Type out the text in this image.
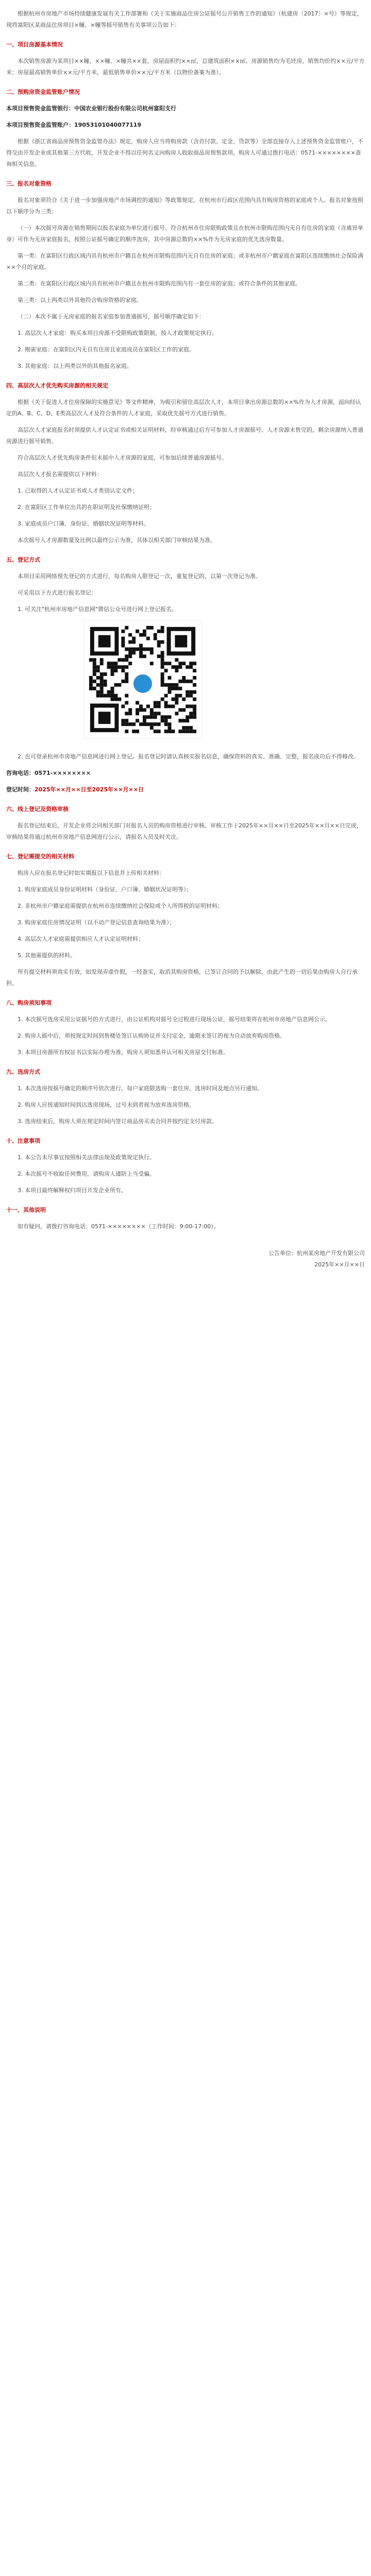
根据杭州市房地产市场持续健康发展有关工作部署和《关于实施商品住房公证摇号公开销售工作的通知》（杭建房〔2017〕×号）等规定，现将富阳区某商品住房项目×幢、×幢等摇号销售有关事项公告如下：

一、项目房源基本情况

本次销售房源为某项目××幢、××幢、×幢共××套，房屋面积约××㎡，总建筑面积××㎡。房源销售均为毛坯房，销售均价约××元/平方米；房屋最高销售单价××元/平方米，最低销售单价××元/平方米（以物价备案为准）。

二、预购房资金监管账户情况

本项目预售资金监管银行：中国农业银行股份有限公司杭州富阳支行

本项目预售资金监管账户：19053101040077119

根据《浙江省商品房预售资金监管办法》规定，购房人应当将购房款（含首付款、定金、贷款等）全部直接存入上述预售资金监管账户，不得交由开发企业或其他第三方代收，开发企业不得以任何名义向购房人收取商品房预售款项。购房人可通过拨打电话：0571-××××××××查询相关信息。

三、报名对象资格

报名对象须符合《关于进一步加强房地产市场调控的通知》等政策规定，在杭州市行政区范围内具有购房资格的家庭或个人。报名对象按照以下顺序分为三类：

（一）本次摇号房源在销售期间以报名家庭为单位进行摇号。符合杭州市住房限购政策且在杭州市限购范围内无自有住房的家庭（含离异单身）可作为无房家庭报名，按照公证摇号确定的顺序选房，其中房源总数的××%作为无房家庭的优先选房数量。

第一类：在富阳区行政区域内具有杭州市户籍且在杭州市限购范围内无自有住房的家庭；或非杭州市户籍家庭在富阳区连续缴纳社会保险满××个月的家庭。

第二类：在富阳区行政区域内具有杭州市户籍且在杭州市限购范围内有一套住房的家庭；或符合条件的其他家庭。

第三类：以上两类以外其他符合购房资格的家庭。

（二）本次不属于无房家庭的报名家庭参加普通摇号，摇号顺序确定如下：

1. 高层次人才家庭：购买本项目房源不受限购政策限制，按人才政策规定执行。

2. 刚需家庭：在富阳区内无自有住房且家庭成员在富阳区工作的家庭。

3. 其他家庭：以上两类以外的其他报名家庭。

四、高层次人才优先购买房源的相关规定

根据《关于促进人才住房保障的实施意见》等文件精神，为吸引和留住高层次人才，本项目拿出房源总数的××%作为人才房源，面向经认定的A、B、C、D、E类高层次人才及符合条件的人才家庭，采取优先摇号方式进行销售。

高层次人才家庭报名时须提供人才认定证书或相关证明材料，经审核通过后方可参加人才房源摇号。人才房源未售完的，剩余房源纳入普通房源进行摇号销售。

符合高层次人才优先购房条件但未摇中人才房源的家庭，可参加后续普通房源摇号。

高层次人才报名需提供以下材料：

1. 已取得的人才认定证书或人才类别认定文件；

2. 在富阳区工作单位出具的在职证明及社保缴纳证明；

3. 家庭成员户口簿、身份证、婚姻状况证明等材料。

本次摇号人才房源数量及比例以最终公示为准，具体以相关部门审核结果为准。

五、登记方式

本项目采用网络预先登记的方式进行，每名购房人限登记一次，重复登记的，以第一次登记为准。

可采用以下方式进行报名登记：

1. 可关注"杭州市房地产信息网"微信公众号进行网上登记报名。

2. 也可登录杭州市房地产信息网进行网上登记。报名登记时请认真核实报名信息，确保资料的真实、准确、完整，报名成功后不得修改。

咨询电话：0571-××××××××

登记时间：2025年××月××日至2025年××月××日

六、线上登记及资格审核

报名登记结束后，开发企业将会同相关部门对报名人员的购房资格进行审核。审核工作于2025年××月××日至2025年××月××日完成，审核结果将通过杭州市房地产信息网进行公示，请报名人员及时关注。

七、登记需提交的相关材料

购房人应在报名登记时如实填报以下信息并上传相关材料：

1. 购房家庭成员身份证明材料（身份证、户口簿、婚姻状况证明等）；

2. 非杭州市户籍家庭需提供在杭州市连续缴纳社会保险或个人所得税的证明材料；

3. 购房家庭住房情况证明（以不动产登记信息查询结果为准）；

4. 高层次人才家庭需提供相应人才认定证明材料；

5. 其他需提供的材料。

所有提交材料须真实有效，如发现弄虚作假，一经查实，取消其购房资格，已签订合同的予以解除，由此产生的一切后果由购房人自行承担。

八、购房须知事项

1. 本次摇号选房采用公证摇号的方式进行，由公证机构对摇号全过程进行现场公证，摇号结果将在杭州市房地产信息网公示。

2. 购房人摇中后，须按规定时间到售楼处签订认购协议并支付定金，逾期未签订的视为自动放弃购房资格。

3. 本项目房源所有权证书以实际办理为准，购房人须知悉并认可相关房屋交付标准。

九、选房方式

1. 本次选房按摇号确定的顺序号依次进行。每户家庭限选购一套住房，选房时间及地点另行通知。

2. 购房人应按通知时间到达选房现场，过号未到者视为放弃选房资格。

3. 选房结束后，购房人须在规定时间内签订商品房买卖合同并按约定支付房款。

十、注意事项

1. 本公告未尽事宜按照相关法律法规及政策规定执行。

2. 本次摇号不收取任何费用，请购房人谨防上当受骗。

3. 本项目最终解释权归项目开发企业所有。

十一、其他说明

如有疑问，请拨打咨询电话：0571-××××××××（工作时间：9:00-17:00）。

公告单位：杭州某房地产开发有限公司
2025年××月××日
